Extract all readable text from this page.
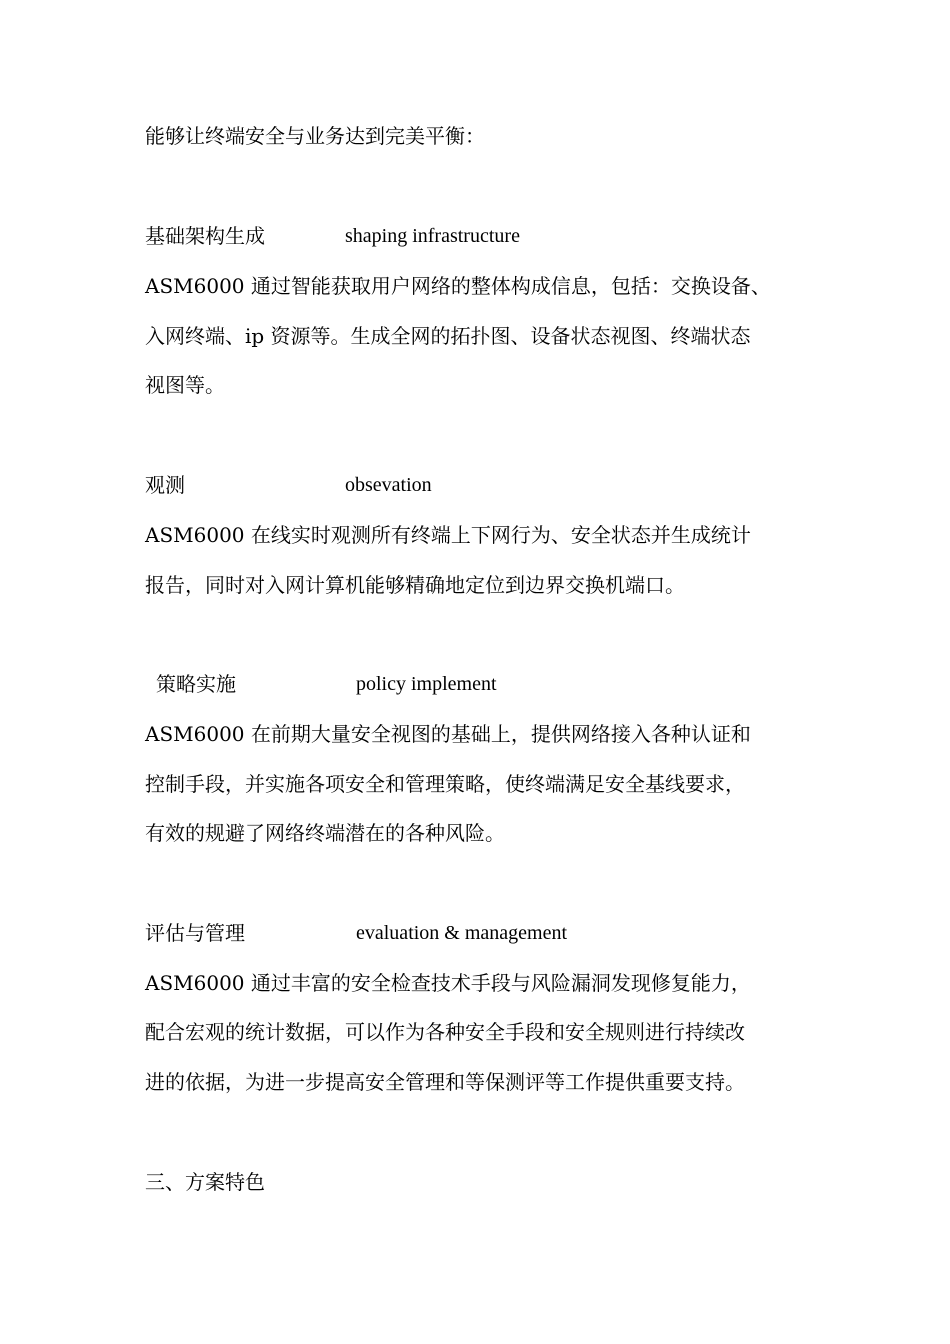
能够让终端安全与业务达到完美平衡：
基础架构生成	shaping infrastructure
ASM6000 通过智能获取用户网络的整体构成信息，包括：交换设备、
入网终端、ip 资源等。生成全网的拓扑图、设备状态视图、终端状态
视图等。
观测	obsevation
ASM6000 在线实时观测所有终端上下网行为、安全状态并生成统计
报告，同时对入网计算机能够精确地定位到边界交换机端口。
策略实施	policy implement
ASM6000 在前期大量安全视图的基础上，提供网络接入各种认证和
控制手段，并实施各项安全和管理策略，使终端满足安全基线要求，
有效的规避了网络终端潜在的各种风险。
评估与管理	evaluation & management
ASM6000 通过丰富的安全检查技术手段与风险漏洞发现修复能力，
配合宏观的统计数据，可以作为各种安全手段和安全规则进行持续改
进的依据，为进一步提高安全管理和等保测评等工作提供重要支持。
三、方案特色
